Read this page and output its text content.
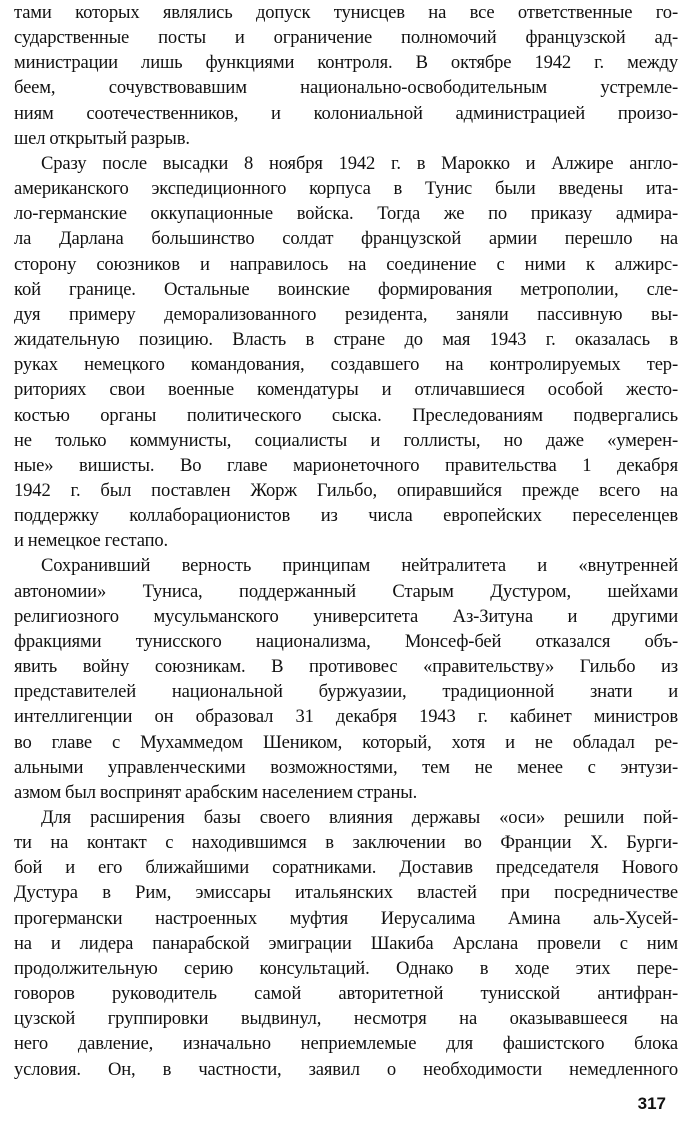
тами которых являлись допуск тунисцев на все ответственные го-
сударственные посты и ограничение полномочий французской ад-
министрации лишь функциями контроля. В октябре 1942 г. между
беем, сочувствовавшим национально-освободительным устремле-
ниям соотечественников, и колониальной администрацией произо-
шел открытый разрыв.
Сразу после высадки 8 ноября 1942 г. в Марокко и Алжире англо-
американского экспедиционного корпуса в Тунис были введены ита-
ло-германские оккупационные войска. Тогда же по приказу адмира-
ла Дарлана большинство солдат французской армии перешло на
сторону союзников и направилось на соединение с ними к алжирс-
кой границе. Остальные воинские формирования метрополии, сле-
дуя примеру деморализованного резидента, заняли пассивную вы-
жидательную позицию. Власть в стране до мая 1943 г. оказалась в
руках немецкого командования, создавшего на контролируемых тер-
риториях свои военные комендатуры и отличавшиеся особой жесто-
костью органы политического сыска. Преследованиям подвергались
не только коммунисты, социалисты и голлисты, но даже «умерен-
ные» вишисты. Во главе марионеточного правительства 1 декабря
1942 г. был поставлен Жорж Гильбо, опиравшийся прежде всего на
поддержку коллаборационистов из числа европейских переселенцев
и немецкое гестапо.
Сохранивший верность принципам нейтралитета и «внутренней
автономии» Туниса, поддержанный Старым Дустуром, шейхами
религиозного мусульманского университета Аз-Зитуна и другими
фракциями тунисского национализма, Монсеф-бей отказался объ-
явить войну союзникам. В противовес «правительству» Гильбо из
представителей национальной буржуазии, традиционной знати и
интеллигенции он образовал 31 декабря 1943 г. кабинет министров
во главе с Мухаммедом Шеником, который, хотя и не обладал ре-
альными управленческими возможностями, тем не менее с энтузи-
азмом был воспринят арабским населением страны.
Для расширения базы своего влияния державы «оси» решили пой-
ти на контакт с находившимся в заключении во Франции Х. Бурги-
бой и его ближайшими соратниками. Доставив председателя Нового
Дустура в Рим, эмиссары итальянских властей при посредничестве
прогермански настроенных муфтия Иерусалима Амина аль-Хусей-
на и лидера панарабской эмиграции Шакиба Арслана провели с ним
продолжительную серию консультаций. Однако в ходе этих пере-
говоров руководитель самой авторитетной тунисской антифран-
цузской группировки выдвинул, несмотря на оказывавшееся на
него давление, изначально неприемлемые для фашистского блока
условия. Он, в частности, заявил о необходимости немедленного
317
